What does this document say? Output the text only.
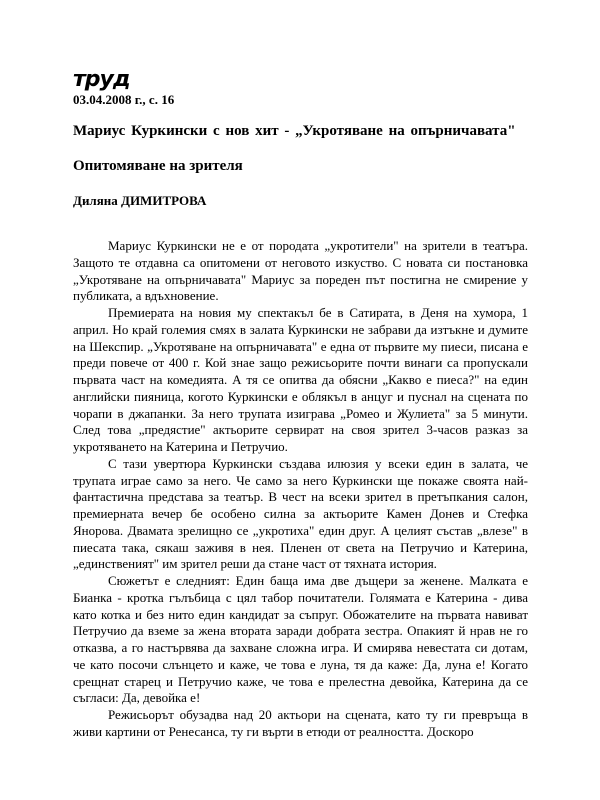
труд
03.04.2008 г., с. 16
Мариус Куркински с нов хит - „Укротяване на опърничавата"
Опитомяване на зрителя
Диляна ДИМИТРОВА

Мариус Куркински не е от породата „укротители" на зрители в театъра. Защото те отдавна са опитомени от неговото изкуство. С новата си постановка „Укротяване на опърничавата" Мариус за пореден път постигна не смирение у публиката, а вдъхновение.

Премиерата на новия му спектакъл бе в Сатирата, в Деня на хумора, 1 април. Но край големия смях в залата Куркински не забрави да изтъкне и думите на Шекспир. „Укротяване на опърничавата" е една от първите му пиеси, писана е преди повече от 400 г. Кой знае защо режисьорите почти винаги са пропускали първата част на комедията. А тя се опитва да обясни „Какво е пиеса?" на един английски пияница, когото Куркински е облякъл в анцуг и пуснал на сцената по чорапи в джапанки. За него трупата изиграва „Ромео и Жулиета" за 5 минути. След това „предястие" актьорите сервират на своя зрител 3-часов разказ за укротяването на Катерина и Петручио.

С тази увертюра Куркински създава илюзия у всеки един в залата, че трупата играе само за него. Че само за него Куркински ще покаже своята най-фантастична представа за театър. В чест на всеки зрител в претъпкания салон, премиерната вечер бе особено силна за актьорите Камен Донев и Стефка Янорова. Двамата зрелищно се „укротиха" един друг. А целият състав „влезе" в пиесата така, сякаш заживя в нея. Пленен от света на Петручио и Катерина, „единственият" им зрител реши да стане част от тяхната история.

Сюжетът е следният: Един баща има две дъщери за женене. Малката е Бианка - кротка гълъбица с цял табор почитатели. Голямата е Катерина - дива като котка и без нито един кандидат за съпруг. Обожателите на първата навиват Петручио да вземе за жена втората заради добрата зестра. Опакият й нрав не го отказва, а го настървява да захване сложна игра. И смирява невестата си дотам, че като посочи слънцето и каже, че това е луна, тя да каже: Да, луна е! Когато срещнат старец и Петручио каже, че това е прелестна девойка, Катерина да се съгласи: Да, девойка е!

Режисьорът обузадва над 20 актьори на сцената, като ту ги превръща в живи картини от Ренесанса, ту ги върти в етюди от реалността. Доскоро
